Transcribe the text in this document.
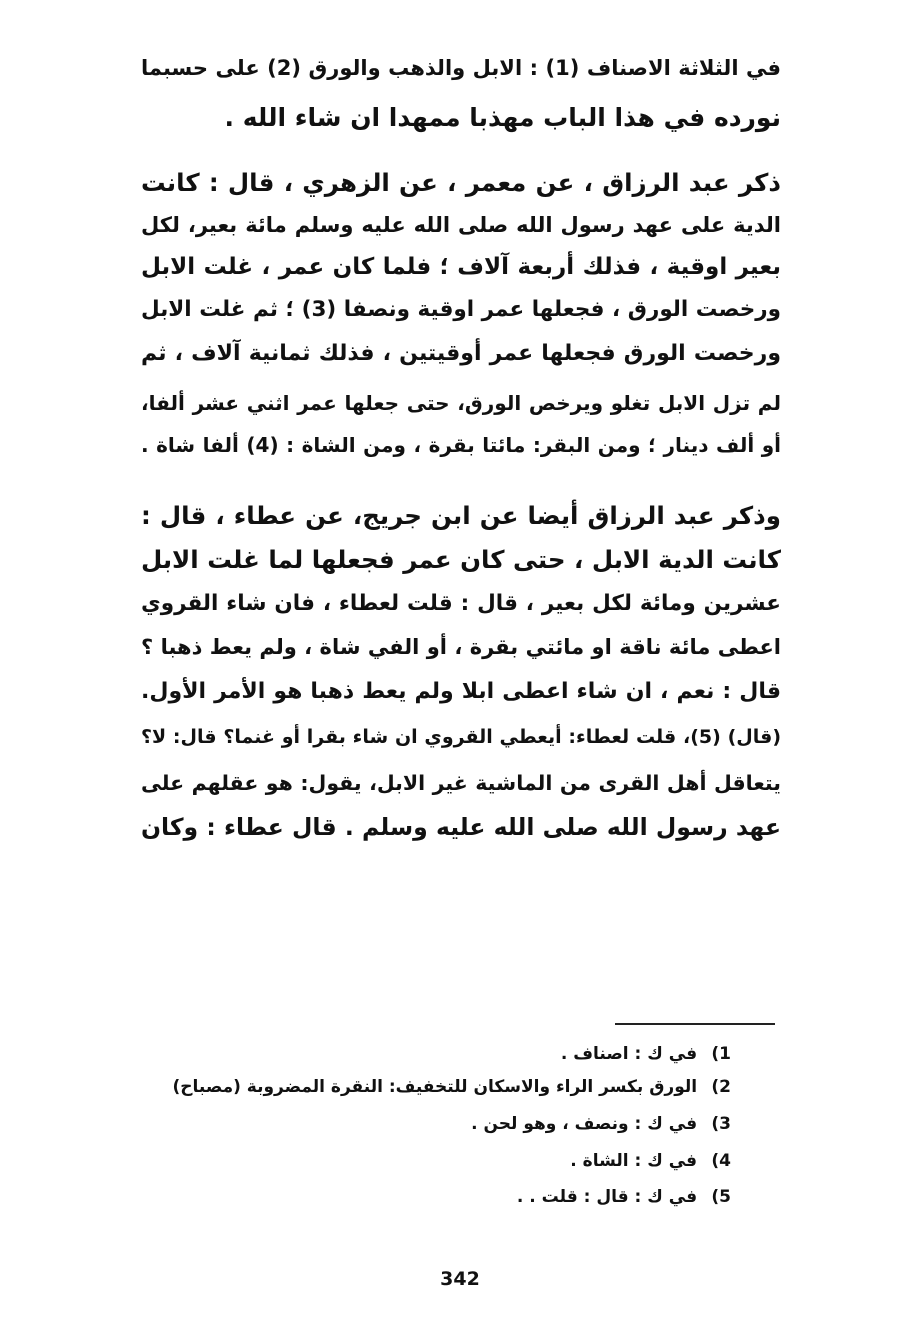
في الثلاثة الاصناف (1) : الابل والذهب والورق (2) على حسبما
نورده في هذا الباب مهذبا ممهدا ان شاء الله .
ذكر عبد الرزاق ، عن معمر ، عن الزهري ، قال : كانت
الدية على عهد رسول الله صلى الله عليه وسلم مائة بعير، لكل
بعير اوقية ، فذلك أربعة آلاف ؛ فلما كان عمر ، غلت الابل
ورخصت الورق ، فجعلها عمر اوقية ونصفا (3) ؛ ثم غلت الابل
ورخصت الورق فجعلها عمر أوقيتين ، فذلك ثمانية آلاف ، ثم
لم تزل الابل تغلو ويرخص الورق، حتى جعلها عمر اثني عشر ألفا،
أو ألف دينار ؛ ومن البقر: مائتا بقرة ، ومن الشاة : (4) ألفا شاة .
وذكر عبد الرزاق أيضا عن ابن جريج، عن عطاء ، قال :
كانت الدية الابل ، حتى كان عمر فجعلها لما غلت الابل
عشرين ومائة لكل بعير ، قال : قلت لعطاء ، فان شاء القروي
اعطى مائة ناقة او مائتي بقرة ، أو الفي شاة ، ولم يعط ذهبا ؟
قال : نعم ، ان شاء اعطى ابلا ولم يعط ذهبا هو الأمر الأول.
(قال) (5)، قلت لعطاء: أيعطي القروي ان شاء بقرا أو غنما؟ قال: لا؟
يتعاقل أهل القرى من الماشية غير الابل، يقول: هو عقلهم على
عهد رسول الله صلى الله عليه وسلم . قال عطاء : وكان
1) في ك : اصناف .
2) الورق بكسر الراء والاسكان للتخفيف: النقرة المضروبة (مصباح)
3) في ك : ونصف ، وهو لحن .
4) في ك : الشاة .
5) في ك : قال : قلت . .
342
